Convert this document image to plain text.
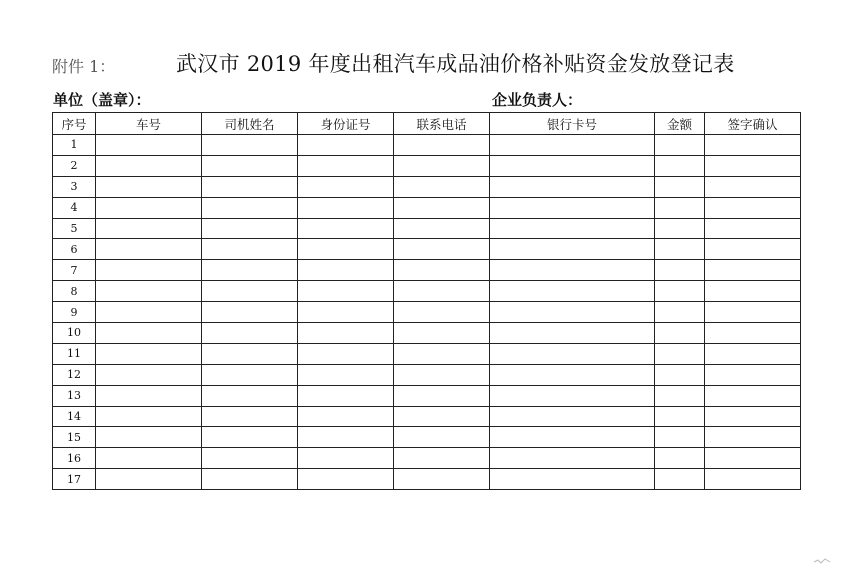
附件 1：	武汉市 2019 年度出租汽车成品油价格补贴资金发放登记表
单位（盖章）：	企业负责人：
序号	车号	司机姓名	身份证号	联系电话	银行卡号	金额	签字确认
1							
2							
3							
4							
5							
6							
7							
8							
9							
10							
11							
12							
13							
14							
15							
16							
17							
